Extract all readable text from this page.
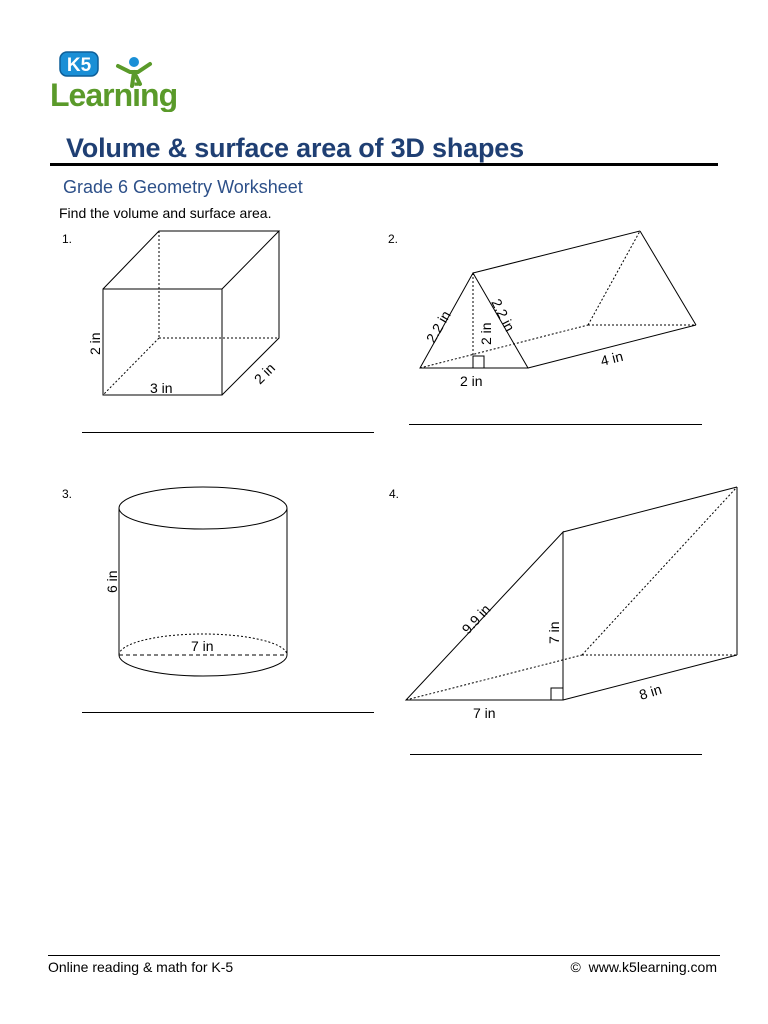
K5
Learning
Volume & surface area of 3D shapes
Grade 6 Geometry Worksheet
Find the volume and surface area.
1.	2.
3.	4.
2 in
3 in
2 in
2.2 in 2.2 in
2 in
2 in
4 in
6 in
7 in
9.9 in	7 in
7 in
8 in
Online reading & math for K-5	© www.k5learning.com
